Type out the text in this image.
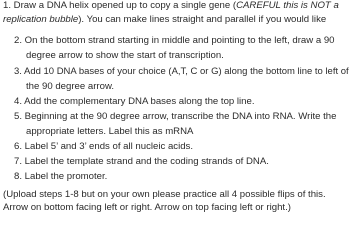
1. Draw a DNA helix opened up to copy a single gene (CAREFUL this is NOT a

replication bubble). You can make lines straight and parallel if you would like

2. On the bottom strand starting in middle and pointing to the left, draw a 90

degree arrow to show the start of transcription.

3. Add 10 DNA bases of your choice (A,T, C or G) along the bottom line to left of

the 90 degree arrow.

4. Add the complementary DNA bases along the top line.

5. Beginning at the 90 degree arrow, transcribe the DNA into RNA. Write the

appropriate letters. Label this as mRNA

6. Label 5’ and 3’ ends of all nucleic acids.

7. Label the template strand and the coding strands of DNA.

8. Label the promoter.

(Upload steps 1-8 but on your own please practice all 4 possible flips of this.

Arrow on bottom facing left or right. Arrow on top facing left or right.)
